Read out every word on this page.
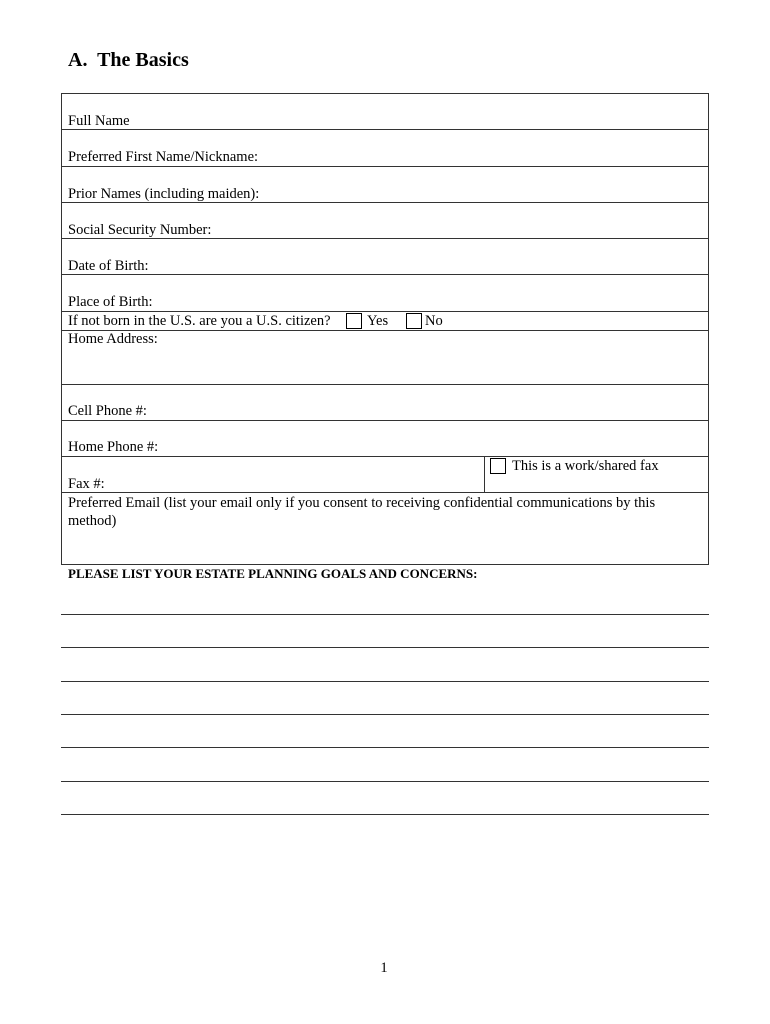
A.  The Basics
Full Name
Preferred First Name/Nickname:
Prior Names (including maiden):
Social Security Number:
Date of Birth:
Place of Birth:
If not born in the U.S. are you a U.S. citizen?	Yes	No
Home Address:
Cell Phone #:
Home Phone #:
Fax #:
This is a work/shared fax
Preferred Email (list your email only if you consent to receiving confidential communications by this method)
PLEASE LIST YOUR ESTATE PLANNING GOALS AND CONCERNS:
1
